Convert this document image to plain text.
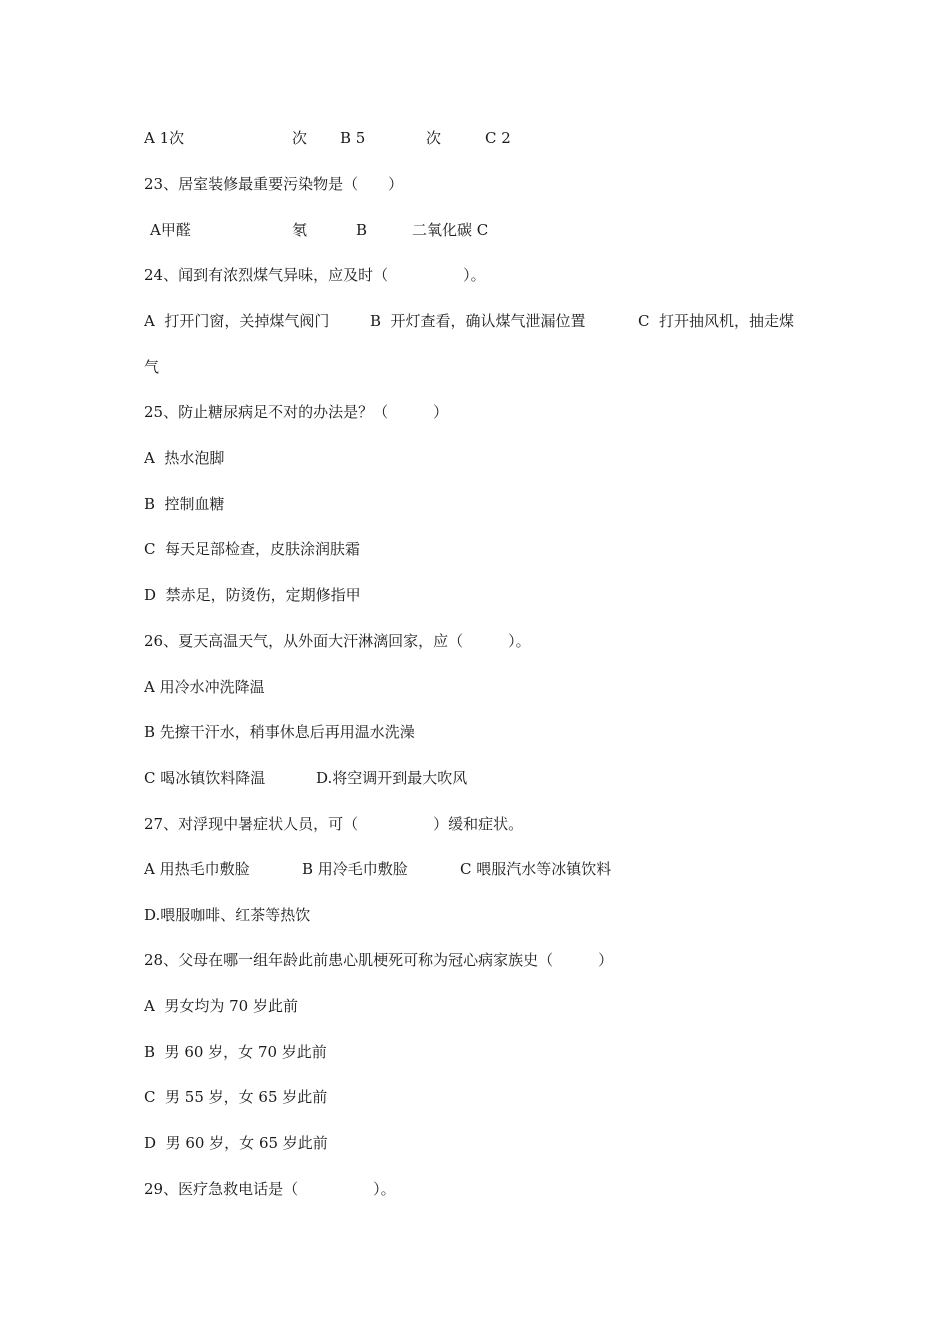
A 1次

	次

B 5

	次

	C 2

23、居室装修最重要污染物是（　　）

A甲醛

	氡

	B

	二氧化碳 C

24、闻到有浓烈煤气异味，应及时（　　　　　）。

A  打开门窗，关掉煤气阀门

	B  开灯查看，确认煤气泄漏位置

	C  打开抽风机，抽走煤

气
25、防止糖尿病足不对的办法是？（　　　）
A  热水泡脚
B  控制血糖
C  每天足部检查，皮肤涂润肤霜
D  禁赤足，防烫伤，定期修指甲
26、夏天高温天气，从外面大汗淋漓回家，应（　　　）。
A 用冷水冲洗降温
B 先擦干汗水，稍事休息后再用温水洗澡

C 喝冰镇饮料降温

	D.将空调开到最大吹风

27、对浮现中暑症状人员，可（　　　　　）缓和症状。

A 用热毛巾敷脸

	B 用冷毛巾敷脸

	C 喂服汽水等冰镇饮料

D.喂服咖啡、红茶等热饮
28、父母在哪一组年龄此前患心肌梗死可称为冠心病家族史（　　　）
A  男女均为 70 岁此前
B  男 60 岁，女 70 岁此前
C  男 55 岁，女 65 岁此前
D  男 60 岁，女 65 岁此前
29、医疗急救电话是（　　　　　）。
